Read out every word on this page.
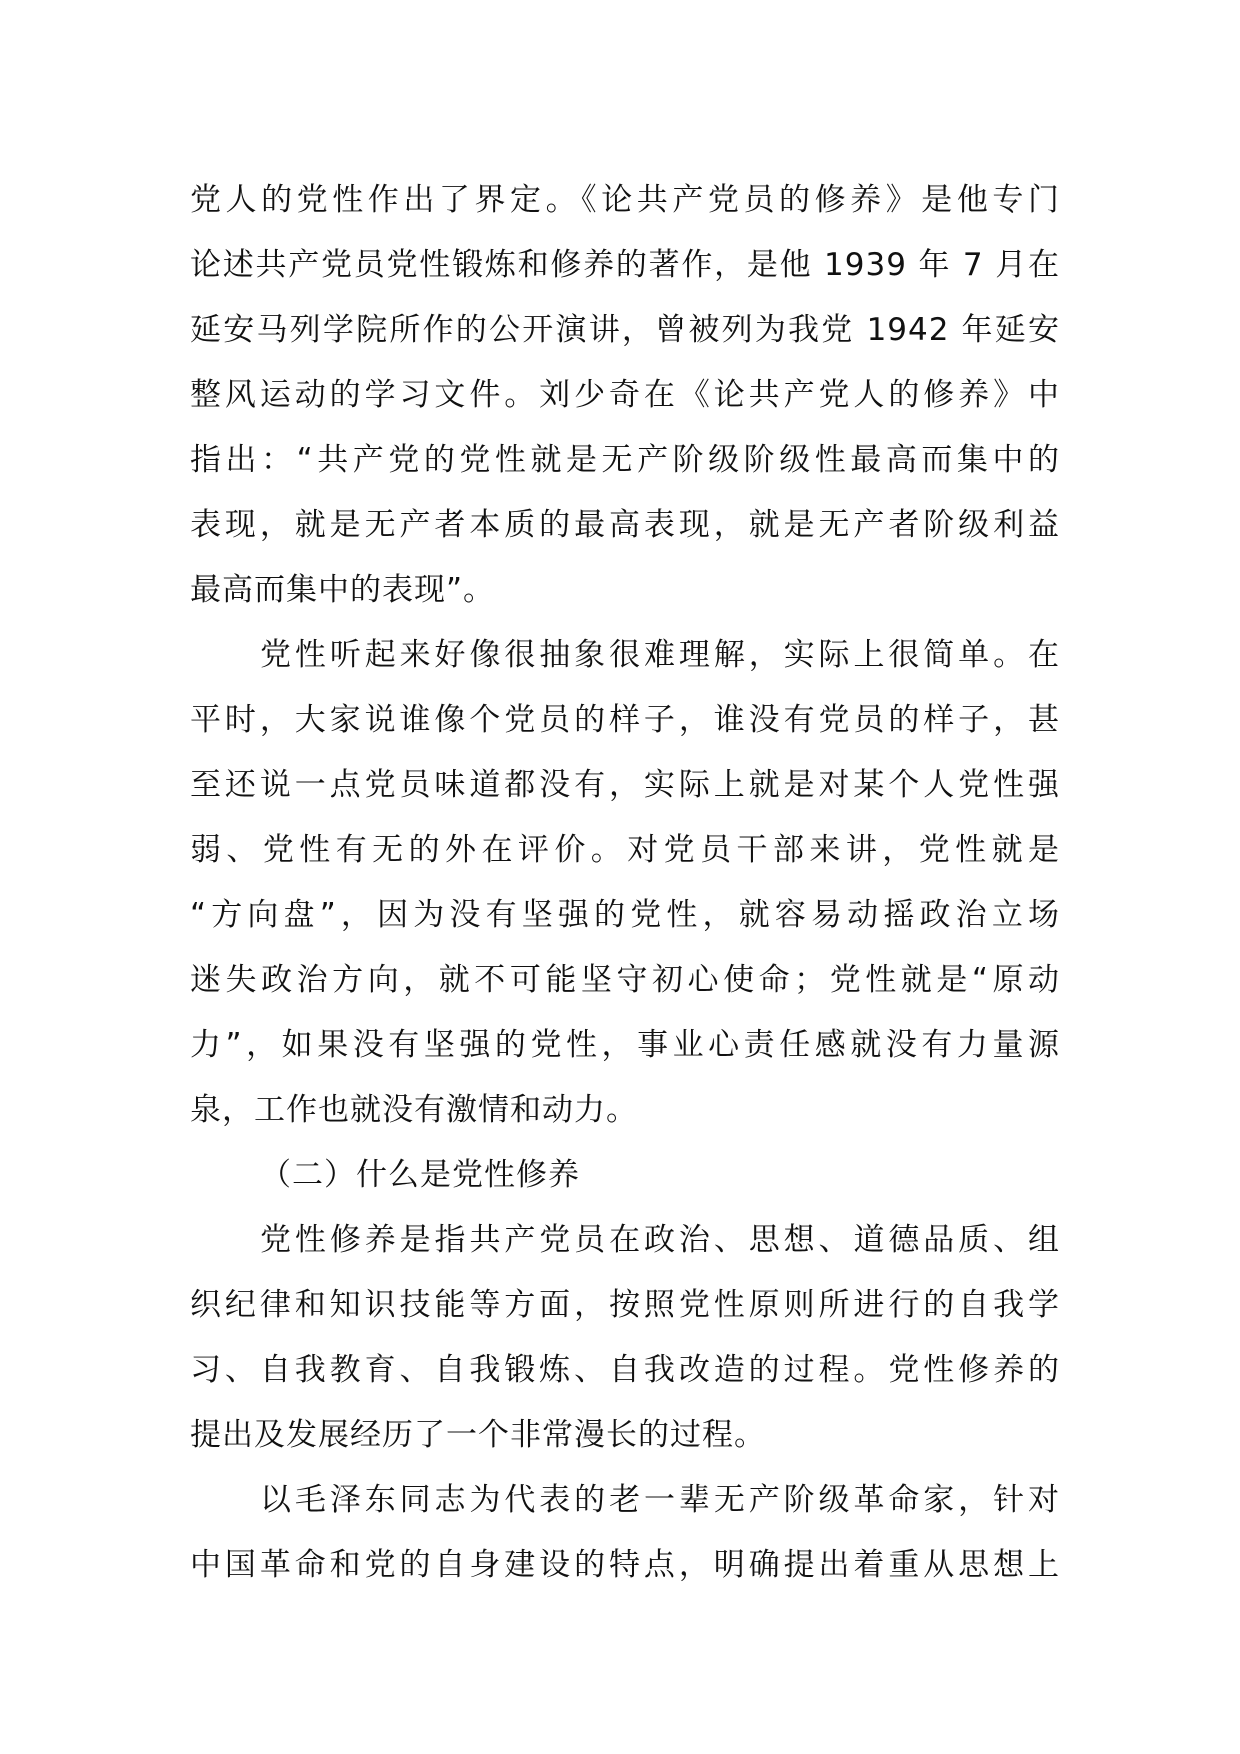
党人的党性作出了界定。《论共产党员的修养》是他专门
论述共产党员党性锻炼和修养的著作，是他 1939 年 7 月在
延安马列学院所作的公开演讲，曾被列为我党 1942 年延安
整风运动的学习文件。刘少奇在《论共产党人的修养》中
指出：“共产党的党性就是无产阶级阶级性最高而集中的
表现，就是无产者本质的最高表现，就是无产者阶级利益
最高而集中的表现”。
党性听起来好像很抽象很难理解，实际上很简单。在
平时，大家说谁像个党员的样子，谁没有党员的样子，甚
至还说一点党员味道都没有，实际上就是对某个人党性强
弱、党性有无的外在评价。对党员干部来讲，党性就是
“方向盘”，因为没有坚强的党性，就容易动摇政治立场
迷失政治方向，就不可能坚守初心使命；党性就是“原动
力”，如果没有坚强的党性，事业心责任感就没有力量源
泉，工作也就没有激情和动力。
（二）什么是党性修养
党性修养是指共产党员在政治、思想、道德品质、组
织纪律和知识技能等方面，按照党性原则所进行的自我学
习、自我教育、自我锻炼、自我改造的过程。党性修养的
提出及发展经历了一个非常漫长的过程。
以毛泽东同志为代表的老一辈无产阶级革命家，针对
中国革命和党的自身建设的特点，明确提出着重从思想上
